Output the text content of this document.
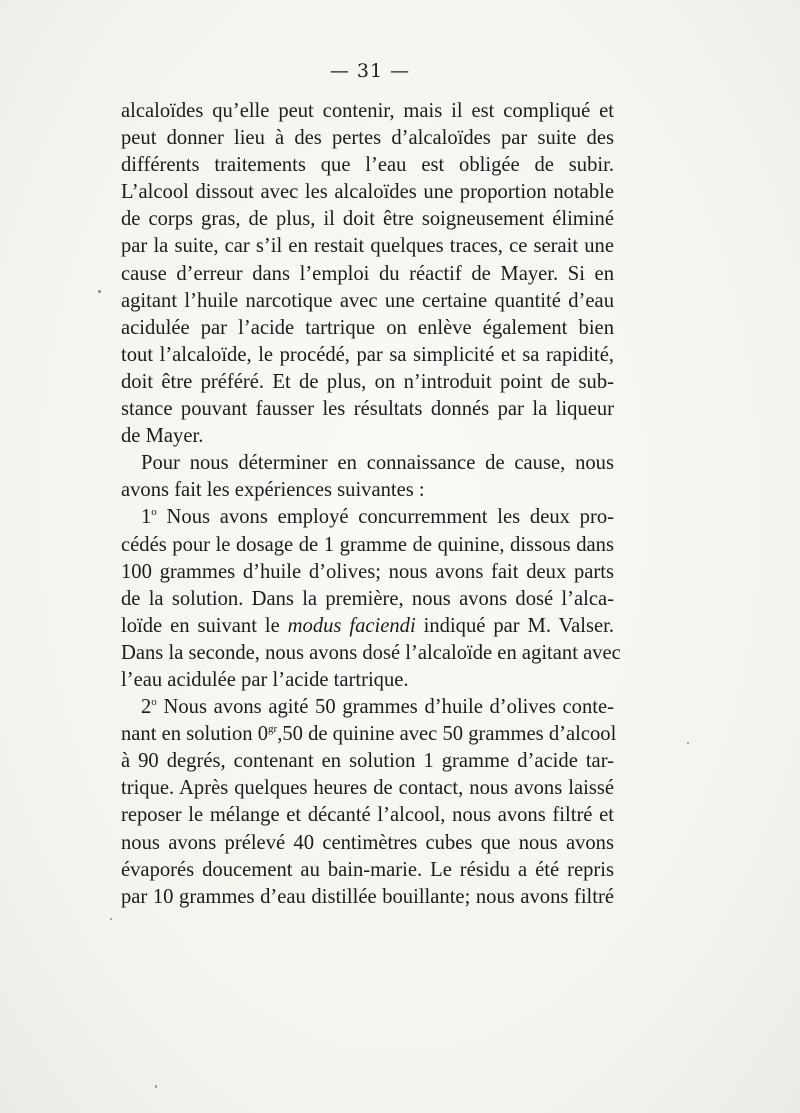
— 31 —
alcaloïdes qu’elle peut contenir, mais il est compliqué et
peut donner lieu à des pertes d’alcaloïdes par suite des
différents traitements que l’eau est obligée de subir.
L’alcool dissout avec les alcaloïdes une proportion notable
de corps gras, de plus, il doit être soigneusement éliminé
par la suite, car s’il en restait quelques traces, ce serait une
cause d’erreur dans l’emploi du réactif de Mayer. Si en
agitant l’huile narcotique avec une certaine quantité d’eau
acidulée par l’acide tartrique on enlève également bien
tout l’alcaloïde, le procédé, par sa simplicité et sa rapidité,
doit être préféré. Et de plus, on n’introduit point de sub-
stance pouvant fausser les résultats donnés par la liqueur
de Mayer.
Pour nous déterminer en connaissance de cause, nous
avons fait les expériences suivantes :
1$^o$ Nous avons employé concurremment les deux pro-
cédés pour le dosage de 1 gramme de quinine, dissous dans
100 grammes d’huile d’olives; nous avons fait deux parts
de la solution. Dans la première, nous avons dosé l’alca-
loïde en suivant le modus faciendi indiqué par M. Valser.
Dans la seconde, nous avons dosé l’alcaloïde en agitant avec
l’eau acidulée par l’acide tartrique.
2$^o$ Nous avons agité 50 grammes d’huile d’olives conte-
nant en solution $0^{gr},50$ de quinine avec 50 grammes d’alcool
à 90 degrés, contenant en solution 1 gramme d’acide tar-
trique. Après quelques heures de contact, nous avons laissé
reposer le mélange et décanté l’alcool, nous avons filtré et
nous avons prélevé 40 centimètres cubes que nous avons
évaporés doucement au bain-marie. Le résidu a été repris
par 10 grammes d’eau distillée bouillante; nous avons filtré
